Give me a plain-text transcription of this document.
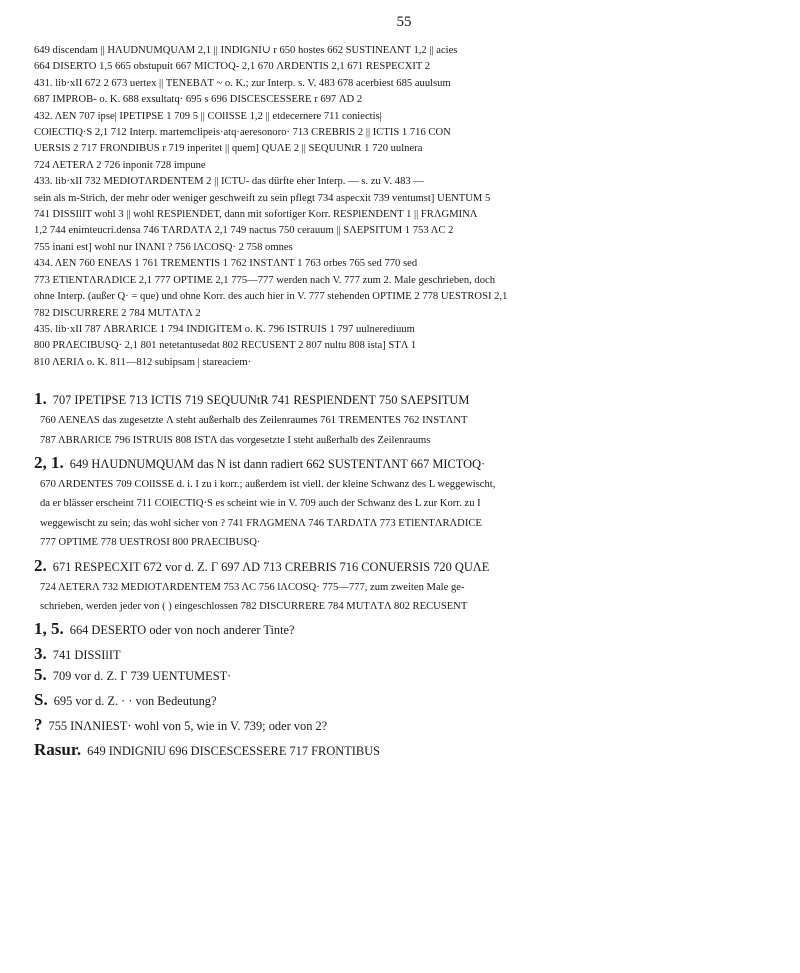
55
649 discendam || ΗΛUDNUΜQUΛΜ 2,1 || INDIGNI∪ r 650 hostes 662 SUSTINEΛNT 1,2 || acies
664 DISERTO 1,5 665 obstupuit 667 ΜICTOQ- 2,1 670 ΛRDENTIS 2,1 671 RESPECXIT 2
431. lib·xII 672 2 673 uertex || TENEBΛT ~ o. K.; zur Interp. s. V. 483 678 acerbiest 685 auulsum
687 IMPROB- o. K. 688 exsultatq· 695 s 696 DISCESCESSERE r 697 ΛD 2
432. ΛΕΝ 707 ipse| IPETIPSE 1 709 5 || COlISSE 1,2 || etdecernere 711 coniectis|
COlECTIQ·S 2,1 712 Interp. martemclipeis·atq·aeresonoro· 713 CREBRIS 2 || ICTIS 1 716 CON
UERSIS 2 717 FRONDIBUS r 719 inperitet || quem] QUΛE 2 || SEQUUNtR 1 720 uulnera
724 ΛETERΛ 2 726 inponit 728 impune
433. lib·xII 732 ΜEDIOTΛRDENTEΜ 2 || ICTU- das dürfte eher Interp. — s. zu V. 483 —
sein als m-Strich, der mehr oder weniger geschweift zu sein pflegt 734 aspecxit 739 ventumst] UENTUΜ 5
741 DISSIlIT wohl 3 || wohl RESPlENDET, dann mit sofortiger Korr. RESPlENDENT 1 || FRΛGΜINΛ
1,2 744 enimteucri.densa 746 TΛRDΛTΛ 2,1 749 nactus 750 cerauum || SΛEPSITUΜ 1 753 ΛC 2
755 inani est] wohl nur INΛNI ? 756 lΛCOSQ· 2 758 omnes
434. ΛΕΝ 760 ENEΛS 1 761 TREΜENTIS 1 762 INSTΛNT 1 763 orbes 765 sed 770 sed
773 ETlENTΛRΛDICE 2,1 777 OPTIΜE 2,1 775—777 werden nach V. 777 zum 2. Male geschrieben, doch
ohne Interp. (außer Q· = que) und ohne Korr. des auch hier in V. 777 stehenden OPTIΜE 2 778 UESTROSI 2,1
782 DISCURRERE 2 784 ΜUTΛTΛ 2
435. lib·xII 787 ΛBRΛRICE 1 794 INDIGITEΜ o. K. 796 ISTRUIS 1 797 uulnerediuum
800 PRΛECIBUSQ· 2,1 801 netetantusedat 802 RECUSENT 2 807 nultu 808 ista] STΛ 1
810 ΛERIΛ o. K. 811—812 subipsam | stareaciem·
1. 707 IPETIPSE 713 ICTIS 719 SEQUUNtR 741 RESPlENDENT 750 SΛEPSITUΜ
760 ΛENEΛS das zugesetzte Λ steht außerhalb des Zeilenraumes 761 TREΜENTES 762 INSTΛNT
787 ΛBRΛRICE 796 ISTRUIS 808 ISTΛ das vorgesetzte I steht außerhalb des Zeilenraums
2, 1. 649 ΗΛUDNUΜQUΛΜ das N ist dann radiert 662 SUSTENTΛNT 667 ΜICTOQ·
670 ΛRDENTES 709 COlISSE d. i. I zu i korr.; außerdem ist viell. der kleine Schwanz des L weggewischt,
da er blässer erscheint 711 COlECTIQ·S es scheint wie in V. 709 auch der Schwanz des L zur Korr. zu I
weggewischt zu sein; das wohl sicher von ? 741 FRΛGΜENΛ 746 TΛRDΛTΛ 773 ETlENTΛRΛDICE
777 OPTIΜE 778 UESTROSI 800 PRΛECIBUSQ·
2. 671 RESPECXIT 672 vor d. Z. Γ 697 ΛD 713 CREBRIS 716 CONUERSIS 720 QUΛE
724 ΛETERΛ 732 ΜEDIOTΛRDENTEΜ 753 ΛC 756 lΛCOSQ· 775—777, zum zweiten Male ge-
schrieben, werden jeder von ( ) eingeschlossen 782 DISCURRERE 784 ΜUTΛTΛ 802 RECUSENT
1, 5. 664 DESERTO oder von noch anderer Tinte?
3. 741 DISSIlIT
5. 709 vor d. Z. Γ 739 UENTUΜEST·
S. 695 vor d. Z. · · von Bedeutung?
? 755 INΛNIEST· wohl von 5, wie in V. 739; oder von 2?
Rasur. 649 INDIGNIU 696 DISCESCESSERE 717 FRONTIBUS
